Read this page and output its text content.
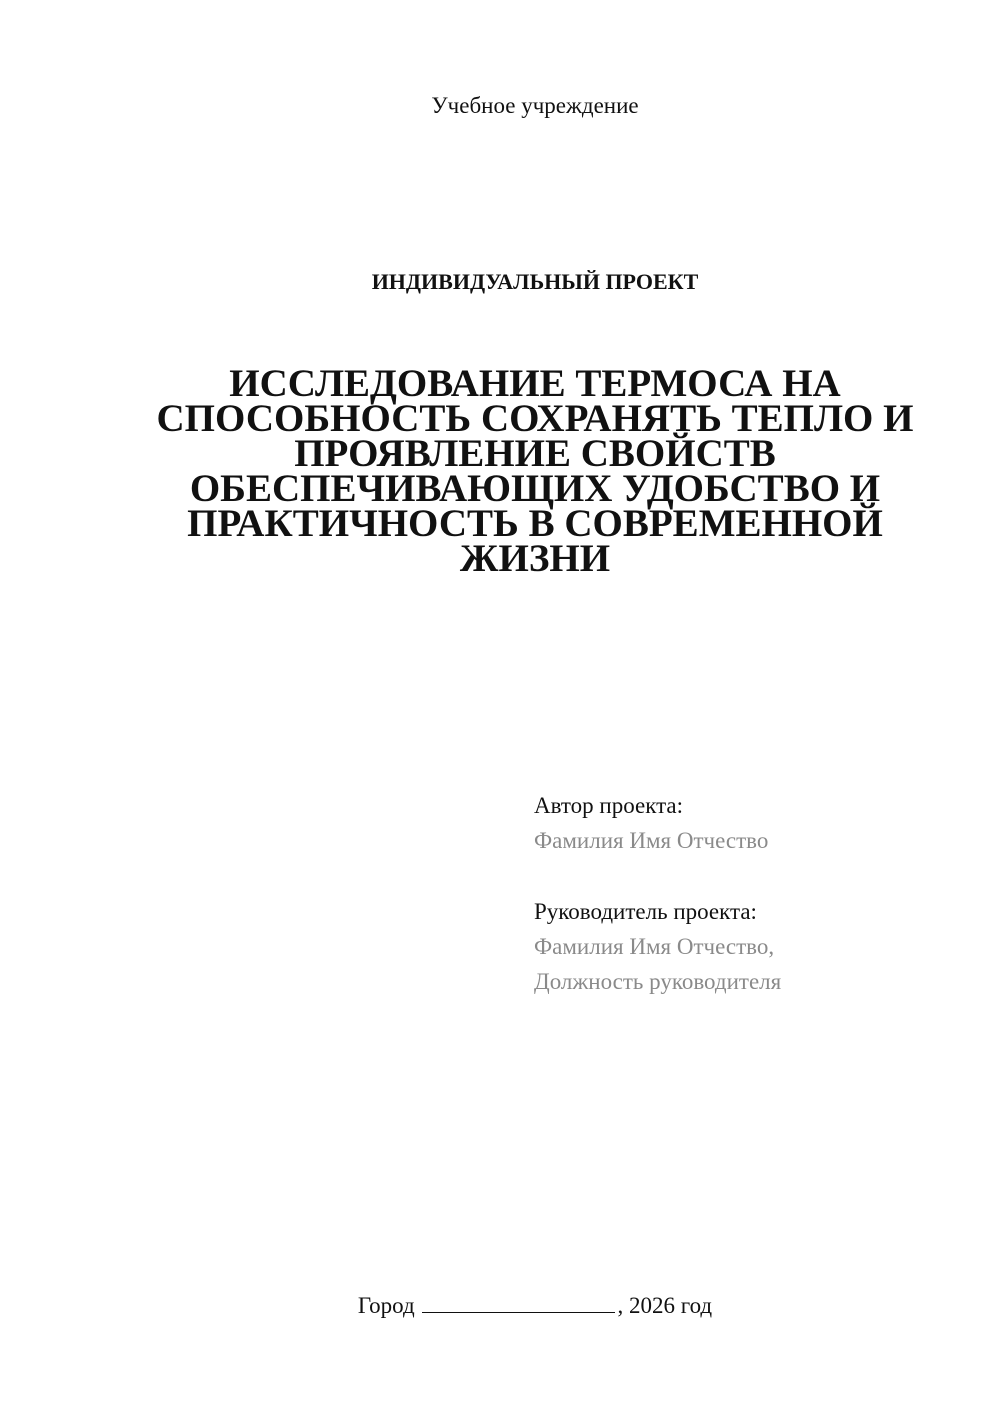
Учебное учреждение
ИНДИВИДУАЛЬНЫЙ ПРОЕКТ
ИССЛЕДОВАНИЕ ТЕРМОСА НА
СПОСОБНОСТЬ СОХРАНЯТЬ ТЕПЛО И
ПРОЯВЛЕНИЕ СВОЙСТВ
ОБЕСПЕЧИВАЮЩИХ УДОБСТВО И
ПРАКТИЧНОСТЬ В СОВРЕМЕННОЙ
ЖИЗНИ
Автор проекта:
Фамилия Имя Отчество
Руководитель проекта:
Фамилия Имя Отчество,
Должность руководителя
Город	, 2026 год
